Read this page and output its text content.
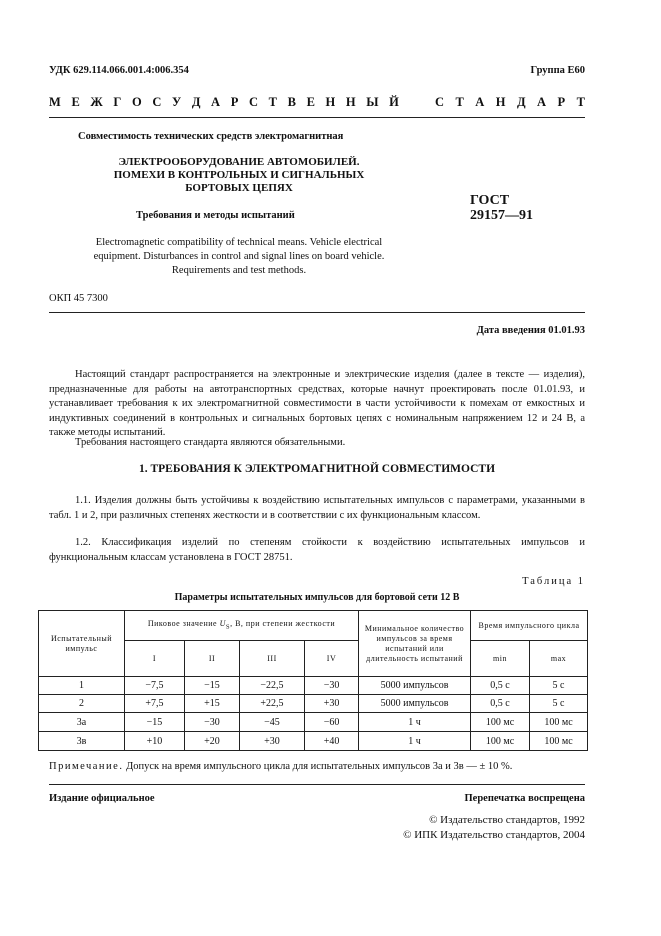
УДК 629.114.066.001.4:006.354	Группа Е60
М Е Ж Г О С У Д А Р С Т В Е Н Н Ы Й	С Т А Н Д А Р Т
Совместимость технических средств электромагнитная
ЭЛЕКТРООБОРУДОВАНИЕ АВТОМОБИЛЕЙ.
ПОМЕХИ В КОНТРОЛЬНЫХ И СИГНАЛЬНЫХ
БОРТОВЫХ ЦЕПЯХ
ГОСТ
29157—91
Требования и методы испытаний
Electromagnetic compatibility of technical means. Vehicle electrical
equipment. Disturbances in control and signal lines on board vehicle.
Requirements and test methods.
ОКП 45 7300
Дата введения 01.01.93
Настоящий стандарт распространяется на электронные и электрические изделия (далее в тексте — изделия), предназначенные для работы на автотранспортных средствах, которые начнут проектировать после 01.01.93, и устанавливает требования к их электромагнитной совместимости в части устойчивости к помехам от емкостных и индуктивных соединений в контрольных и сигнальных бортовых цепях с номинальным напряжением 12 и 24 В, а также методы испытаний.
Требования настоящего стандарта являются обязательными.
1. ТРЕБОВАНИЯ К ЭЛЕКТРОМАГНИТНОЙ СОВМЕСТИМОСТИ
1.1. Изделия должны быть устойчивы к воздействию испытательных импульсов с параметрами, указанными в табл. 1 и 2, при различных степенях жесткости и в соответствии с их функциональным классом.
1.2. Классификация изделий по степеням стойкости к воздействию испытательных импульсов и функциональным классам установлена в ГОСТ 28751.
Таблица 1
Параметры испытательных импульсов для бортовой сети 12 В
Испытательный импульс	Пиковое значение $U_S$, В, при степени жесткости				Минимальное количество импульсов за время испытаний или длительность испытаний	Время импульсного цикла	
	I	II	III	IV		min	max
1	−7,5	−15	−22,5	−30	5000 импульсов	0,5 с	5 с
2	+7,5	+15	+22,5	+30	5000 импульсов	0,5 с	5 с
3а	−15	−30	−45	−60	1 ч	100 мс	100 мс
3в	+10	+20	+30	+40	1 ч	100 мс	100 мс
Примечание. Допуск на время импульсного цикла для испытательных импульсов 3а и 3в — ± 10 %.
Издание официальное	Перепечатка воспрещена
© Издательство стандартов, 1992
© ИПК Издательство стандартов, 2004
